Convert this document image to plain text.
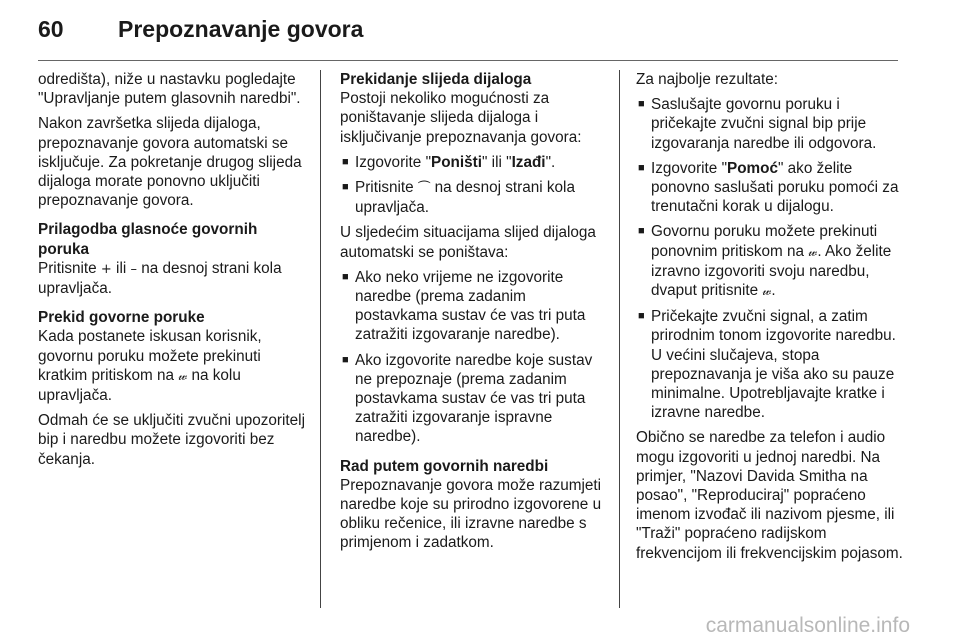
60 Prepoznavanje govora

odredišta), niže u nastavku pogledajte "Upravljanje putem glasovnih naredbi".

Nakon završetka slijeda dijaloga, prepoznavanje govora automatski se isključuje. Za pokretanje drugog slijeda dijaloga morate ponovno uključiti prepoznavanje govora.

Prilagodba glasnoće govornih poruka

Pritisnite + ili – na desnoj strani kola upravljača.

Prekid govorne poruke

Kada postanete iskusan korisnik, govornu poruku možete prekinuti kratkim pritiskom na 𝓌 na kolu upravljača.

Odmah će se uključiti zvučni upozoritelj bip i naredbu možete izgovoriti bez čekanja.

Prekidanje slijeda dijaloga

Postoji nekoliko mogućnosti za poništavanje slijeda dijaloga i isključivanje prepoznavanja govora:

■ Izgovorite "Poništi" ili "Izađi".
■ Pritisnite ⏜ na desnoj strani kola upravljača.

U sljedećim situacijama slijed dijaloga automatski se poništava:

■ Ako neko vrijeme ne izgovorite naredbe (prema zadanim postavkama sustav će vas tri puta zatražiti izgovaranje naredbe).
■ Ako izgovorite naredbe koje sustav ne prepoznaje (prema zadanim postavkama sustav će vas tri puta zatražiti izgovaranje ispravne naredbe).
Rad putem govornih naredbi

Prepoznavanje govora može razumjeti naredbe koje su prirodno izgovorene u obliku rečenice, ili izravne naredbe s primjenom i zadatkom.

Za najbolje rezultate:

■ Saslušajte govornu poruku i pričekajte zvučni signal bip prije izgovaranja naredbe ili odgovora.
■ Izgovorite "Pomoć" ako želite ponovno saslušati poruku pomoći za trenutačni korak u dijalogu.
■ Govornu poruku možete prekinuti ponovnim pritiskom na 𝓌. Ako želite izravno izgovoriti svoju naredbu, dvaput pritisnite 𝓌.
■ Pričekajte zvučni signal, a zatim prirodnim tonom izgovorite naredbu. U većini slučajeva, stopa prepoznavanja je viša ako su pauze minimalne. Upotrebljavajte kratke i izravne naredbe.

Obično se naredbe za telefon i audio mogu izgovoriti u jednoj naredbi. Na primjer, "Nazovi Davida Smitha na posao", "Reproduciraj" popraćeno imenom izvođač ili nazivom pjesme, ili "Traži" popraćeno radijskom frekvencijom ili frekvencijskim pojasom.

carmanualsonline.info
